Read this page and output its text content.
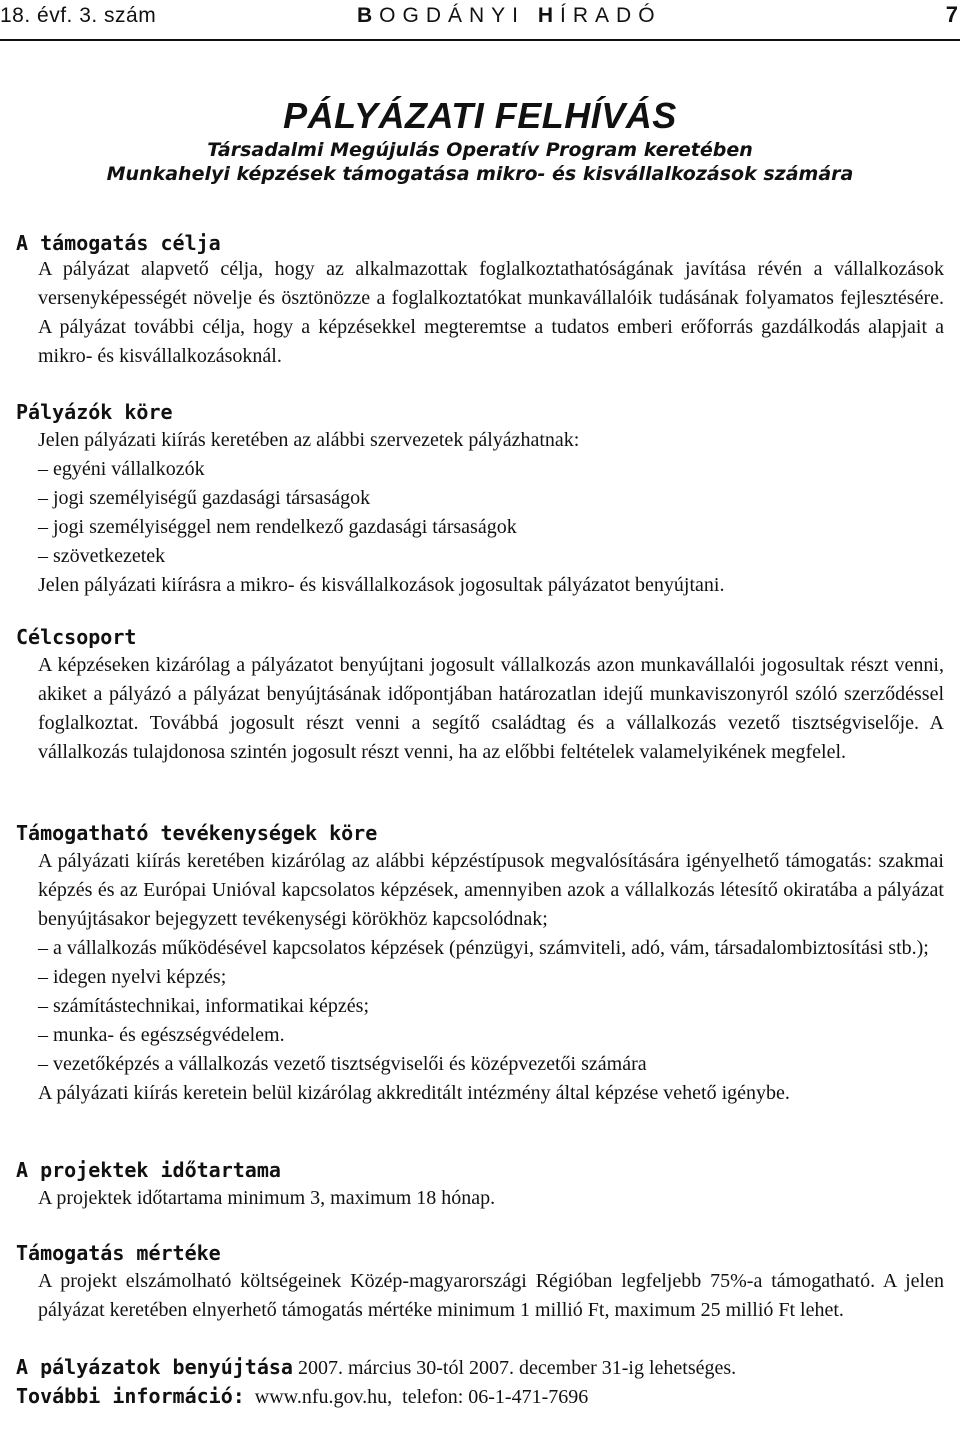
18. évf. 3. szám	BOGDÁNYI HÍRADÓ	7
PÁLYÁZATI FELHÍVÁS
Társadalmi Megújulás Operatív Program keretében
Munkahelyi képzések támogatása mikro- és kisvállalkozások számára
A támogatás célja

A pályázat alapvető célja, hogy az alkalmazottak foglalkoztathatóságának javítása révén a vállalkozások versenyképességét növelje és ösztönözze a foglalkoztatókat munkavállalóik tudásának folyamatos fejlesztésére. A pályázat további célja, hogy a képzésekkel megteremtse a tudatos emberi erőforrás gazdálkodás alapjait a mikro- és kisvállalkozásoknál.

Pályázók köre

Jelen pályázati kiírás keretében az alábbi szervezetek pályázhatnak:

– egyéni vállalkozók

– jogi személyiségű gazdasági társaságok

– jogi személyiséggel nem rendelkező gazdasági társaságok

– szövetkezetek

Jelen pályázati kiírásra a mikro- és kisvállalkozások jogosultak pályázatot benyújtani.

Célcsoport

A képzéseken kizárólag a pályázatot benyújtani jogosult vállalkozás azon munkavállalói jogosultak részt venni, akiket a pályázó a pályázat benyújtásának időpontjában határozatlan idejű munkaviszonyról szóló szerződéssel foglalkoztat. Továbbá jogosult részt venni a segítő családtag és a vállalkozás vezető tisztségviselője. A vállalkozás tulajdonosa szintén jogosult részt venni, ha az előbbi feltételek valamelyikének megfelel.

Támogatható tevékenységek köre

A pályázati kiírás keretében kizárólag az alábbi képzéstípusok megvalósítására igényelhető támogatás: szakmai képzés és az Európai Unióval kapcsolatos képzések, amennyiben azok a vállalkozás létesítő okiratába a pályázat benyújtásakor bejegyzett tevékenységi körökhöz kapcsolódnak;

– a vállalkozás működésével kapcsolatos képzések (pénzügyi, számviteli, adó, vám, társadalombiztosítási stb.);

– idegen nyelvi képzés;

– számítástechnikai, informatikai képzés;

– munka- és egészségvédelem.

– vezetőképzés a vállalkozás vezető tisztségviselői és középvezetői számára

A pályázati kiírás keretein belül kizárólag akkreditált intézmény által képzése vehető igénybe.

A projektek időtartama

A projektek időtartama minimum 3, maximum 18 hónap.

Támogatás mértéke

A projekt elszámolható költségeinek Közép-magyarországi Régióban legfeljebb 75%-a támogatható. A jelen pályázat keretében elnyerhető támogatás mértéke minimum 1 millió Ft, maximum 25 millió Ft lehet.

A pályázatok benyújtása 2007. március 30-tól 2007. december 31-ig lehetséges.
További információ:  www.nfu.gov.hu,  telefon: 06-1-471-7696
